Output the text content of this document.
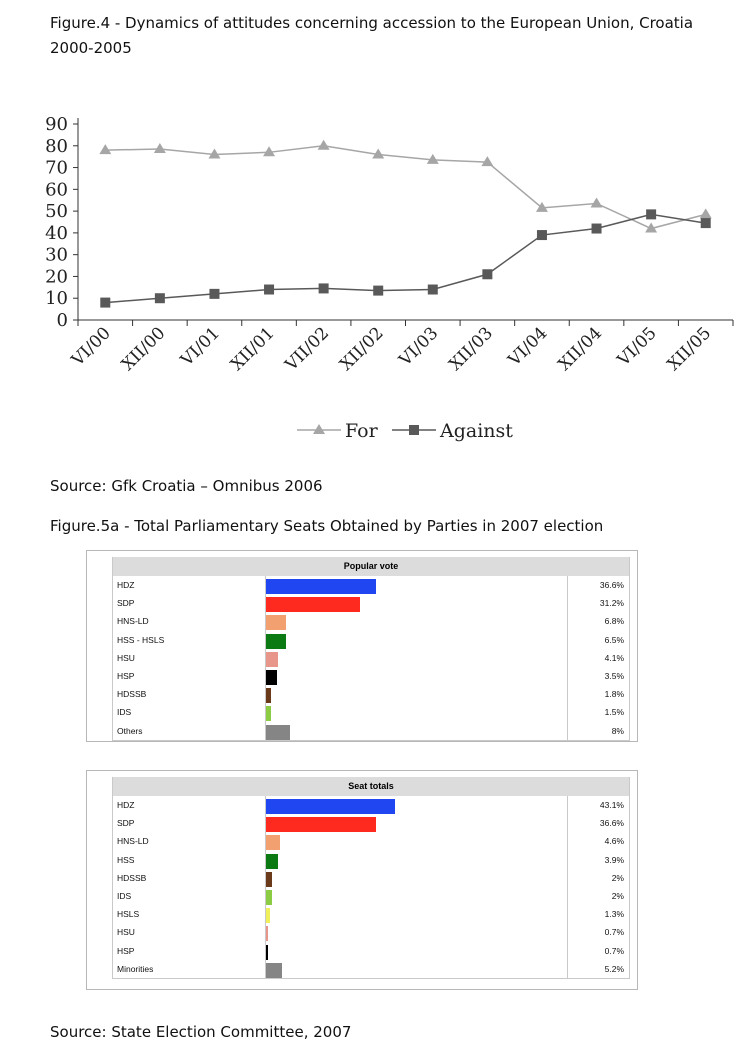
Figure.4 - Dynamics of attitudes concerning accession to the European Union, Croatia 2000-2005
0
10
20
30
40
50
60
70
80
90
VI/00 XII/00 VI/01 XII/01 VII/02 XII/02 VI/03 XII/03 VI/04 XII/04 VI/05 XII/05
For	Against
Source: Gfk Croatia – Omnibus 2006
Figure.5a - Total Parliamentary Seats Obtained by Parties in 2007 election
Popular vote
HDZ	36.6%
SDP	31.2%
HNS-LD	6.8%
HSS - HSLS	6.5%
HSU	4.1%
HSP	3.5%
HDSSB	1.8%
IDS	1.5%
Others	8%
Seat totals
HDZ	43.1%
SDP	36.6%
HNS-LD	4.6%
HSS	3.9%
HDSSB	2%
IDS	2%
HSLS	1.3%
HSU	0.7%
HSP	0.7%
Minorities	5.2%
Source: State Election Committee, 2007
